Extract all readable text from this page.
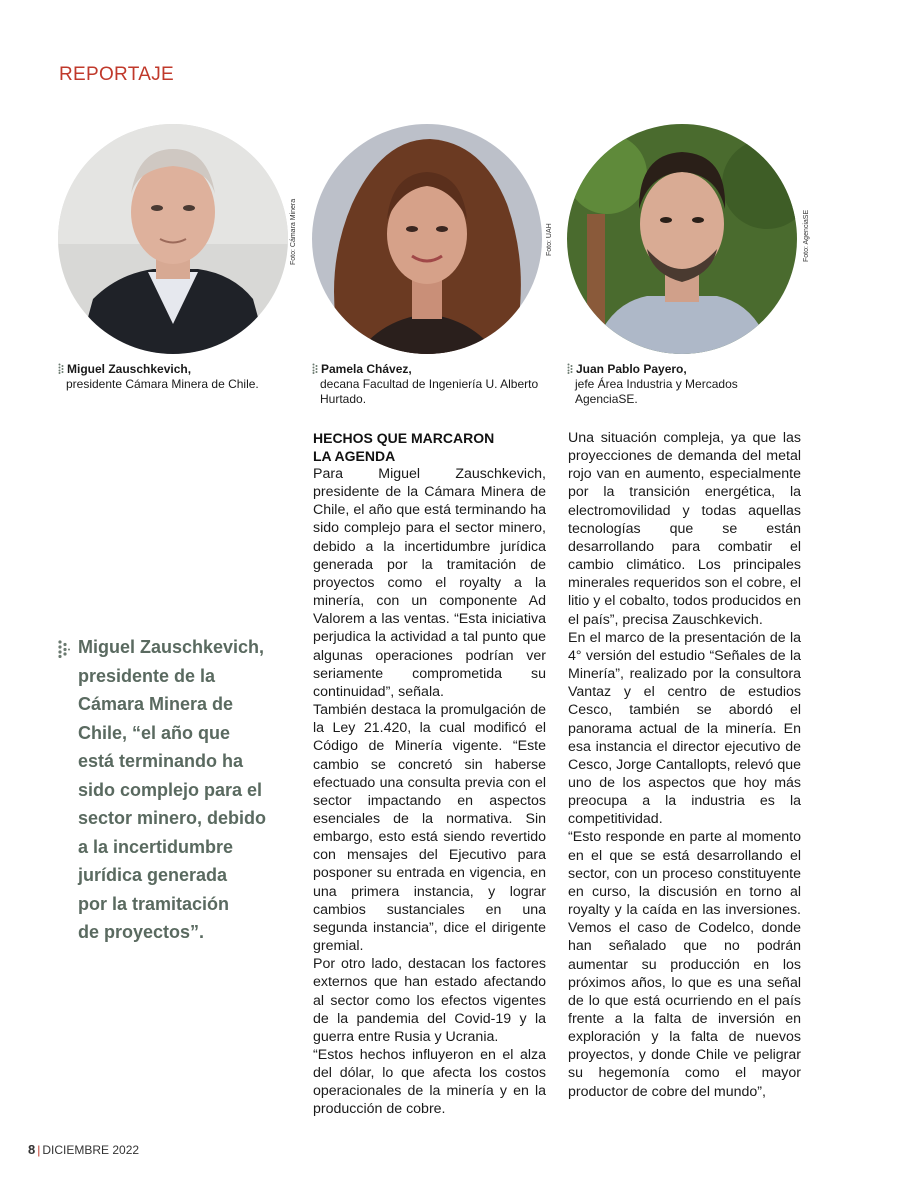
REPORTAJE
Foto: Cámara Minera	Foto: UAH	Foto: AgenciaSE
Miguel Zauschkevich,
presidente Cámara Minera de Chile.
Pamela Chávez,
decana Facultad de Ingeniería U. Alberto
Hurtado.
Juan Pablo Payero,
jefe Área Industria y Mercados
AgenciaSE.
Miguel Zauschkevich,
presidente de la
Cámara Minera de
Chile, “el año que
está terminando ha
sido complejo para el
sector minero, debido
a la incertidumbre
jurídica generada
por la tramitación
de proyectos”.
HECHOS QUE MARCARON LA AGENDA

Para Miguel Zauschkevich, presidente de la Cámara Minera de Chile, el año que está terminando ha sido complejo para el sector minero, debido a la incertidumbre jurídica generada por la tramitación de proyectos como el royalty a la minería, con un componente Ad Valorem a las ventas. “Esta iniciativa perjudica la actividad a tal punto que algunas operaciones podrían ver seriamente comprometida su continuidad”, señala.

También destaca la promulgación de la Ley 21.420, la cual modificó el Código de Minería vigente. “Este cambio se concretó sin haberse efectuado una consulta previa con el sector impactando en aspectos esenciales de la normativa. Sin embargo, esto está siendo revertido con mensajes del Ejecutivo para posponer su entrada en vigencia, en una primera instancia, y lograr cambios sustanciales en una segunda instancia”, dice el dirigente gremial.

Por otro lado, destacan los factores externos que han estado afectando al sector como los efectos vigentes de la pandemia del Covid-19 y la guerra entre Rusia y Ucrania.

“Estos hechos influyeron en el alza del dólar, lo que afecta los costos operacionales de la minería y en la producción de cobre.

Una situación compleja, ya que las proyecciones de demanda del metal rojo van en aumento, especialmente por la transición energética, la electromovilidad y todas aquellas tecnologías que se están desarrollando para combatir el cambio climático. Los principales minerales requeridos son el cobre, el litio y el cobalto, todos producidos en el país”, precisa Zauschkevich.

En el marco de la presentación de la 4° versión del estudio “Señales de la Minería”, realizado por la consultora Vantaz y el centro de estudios Cesco, también se abordó el panorama actual de la minería. En esa instancia el director ejecutivo de Cesco, Jorge Cantallopts, relevó que uno de los aspectos que hoy más preocupa a la industria es la competitividad.

“Esto responde en parte al momento en el que se está desarrollando el sector, con un proceso constituyente en curso, la discusión en torno al royalty y la caída en las inversiones. Vemos el caso de Codelco, donde han señalado que no podrán aumentar su producción en los próximos años, lo que es una señal de lo que está ocurriendo en el país frente a la falta de inversión en exploración y la falta de nuevos proyectos, y donde Chile ve peligrar su hegemonía como el mayor productor de cobre del mundo”,

8 | DICIEMBRE 2022
